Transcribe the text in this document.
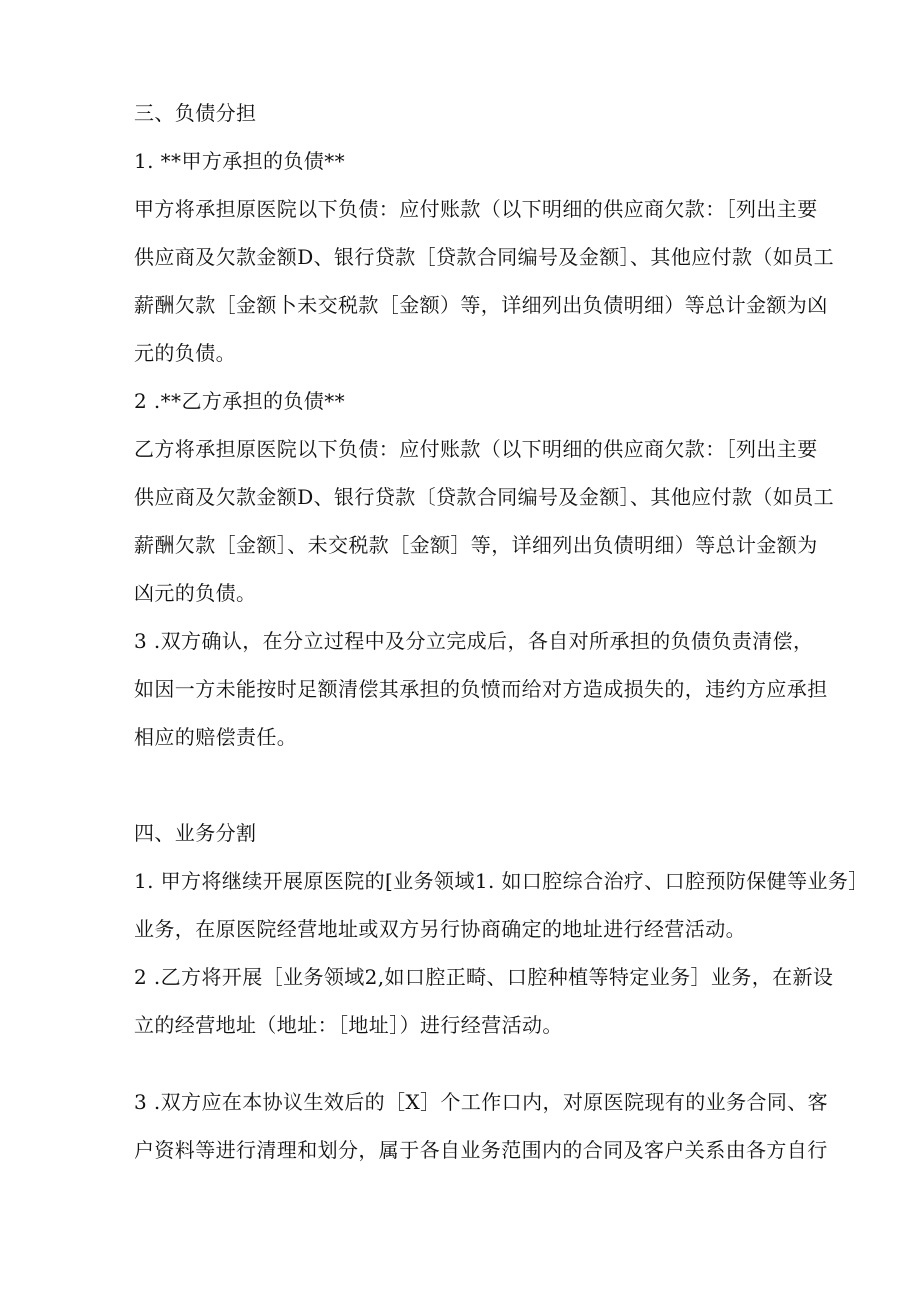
三、负债分担
1. **甲方承担的负债**
甲方将承担原医院以下负债：应付账款（以下明细的供应商欠款：［列出主要
供应商及欠款金额D、银行贷款［贷款合同编号及金额］、其他应付款（如员工
薪酬欠款［金额卜未交税款［金额）等，详细列出负债明细）等总计金额为凶
元的负债。
2 .**乙方承担的负债**
乙方将承担原医院以下负债：应付账款（以下明细的供应商欠款：［列出主要
供应商及欠款金额D、银行贷款〔贷款合同编号及金额］、其他应付款（如员工
薪酬欠款［金额］、未交税款［金额］等，详细列出负债明细）等总计金额为
凶元的负债。
3 .双方确认，在分立过程中及分立完成后，各自对所承担的负债负责清偿，
如因一方未能按时足额清偿其承担的负愤而给对方造成损失的，违约方应承担
相应的赔偿责任。
四、业务分割
1. 甲方将继续开展原医院的[业务领域1. 如口腔综合治疗、口腔预防保健等业务］
业务，在原医院经营地址或双方另行协商确定的地址进行经营活动。
2 .乙方将开展［业务领域2,如口腔正畸、口腔种植等特定业务］业务，在新设
立的经营地址（地址：［地址］）进行经营活动。
3 .双方应在本协议生效后的［X］个工作口内，对原医院现有的业务合同、客
户资料等进行清理和划分，属于各自业务范围内的合同及客户关系由各方自行
